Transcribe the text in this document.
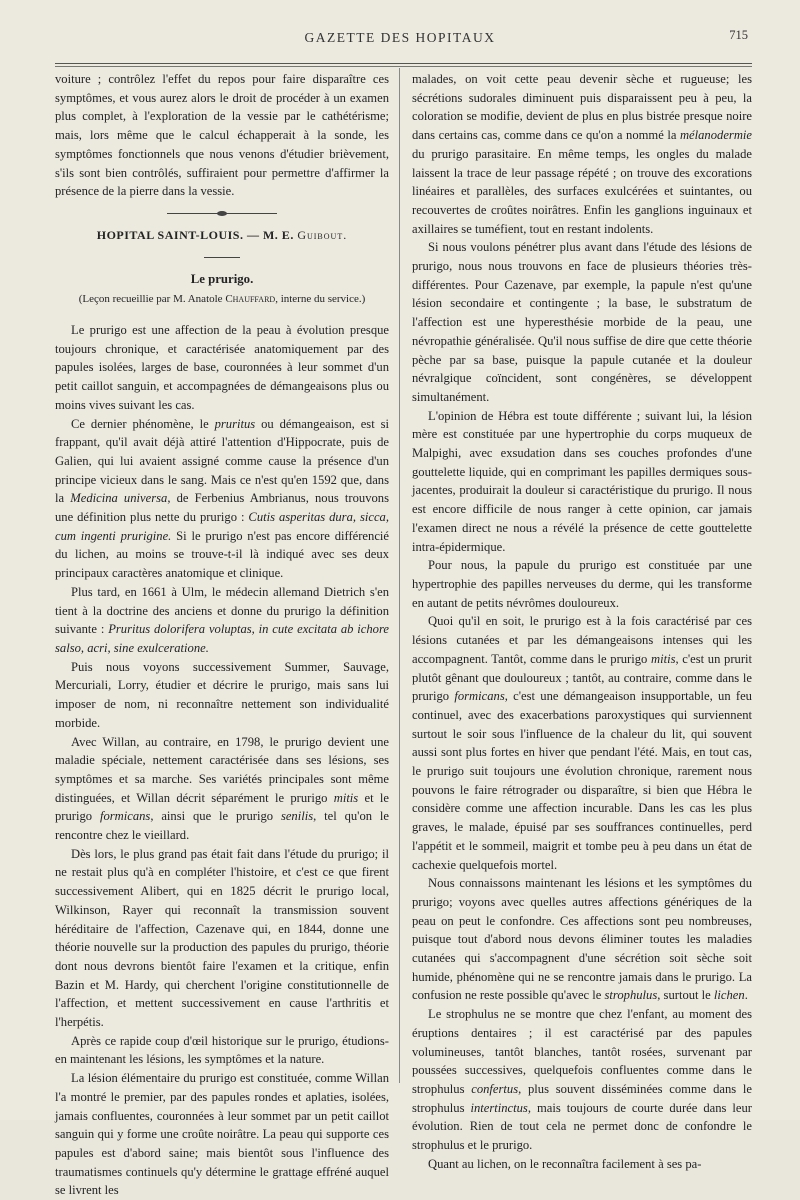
GAZETTE DES HOPITAUX	715

voiture ; contrôlez l'effet du repos pour faire disparaître ces symptômes, et vous aurez alors le droit de procéder à un examen plus complet, à l'exploration de la vessie par le cathétérisme; mais, lors même que le calcul échapperait à la sonde, les symptômes fonctionnels que nous venons d'étudier brièvement, s'ils sont bien contrôlés, suffiraient pour permettre d'affirmer la présence de la pierre dans la vessie.

HOPITAL SAINT-LOUIS. — M. E. Guibout.

Le prurigo.

(Leçon recueillie par M. Anatole Chauffard, interne du service.)

Le prurigo est une affection de la peau à évolution presque toujours chronique, et caractérisée anatomiquement par des papules isolées, larges de base, couronnées à leur sommet d'un petit caillot sanguin, et accompagnées de démangeaisons plus ou moins vives suivant les cas.

Ce dernier phénomène, le pruritus ou démangeaison, est si frappant, qu'il avait déjà attiré l'attention d'Hippocrate, puis de Galien, qui lui avaient assigné comme cause la présence d'un principe vicieux dans le sang. Mais ce n'est qu'en 1592 que, dans la Medicina universa, de Ferbenius Ambrianus, nous trouvons une définition plus nette du prurigo : Cutis asperitas dura, sicca, cum ingenti prurigine. Si le prurigo n'est pas encore différencié du lichen, au moins se trouve-t-il là indiqué avec ses deux principaux caractères anatomique et clinique.

Plus tard, en 1661 à Ulm, le médecin allemand Dietrich s'en tient à la doctrine des anciens et donne du prurigo la définition suivante : Pruritus dolorifera voluptas, in cute excitata ab ichore salso, acri, sine exulceratione.

Puis nous voyons successivement Summer, Sauvage, Mercuriali, Lorry, étudier et décrire le prurigo, mais sans lui imposer de nom, ni reconnaître nettement son individualité morbide.

Avec Willan, au contraire, en 1798, le prurigo devient une maladie spéciale, nettement caractérisée dans ses lésions, ses symptômes et sa marche. Ses variétés principales sont même distinguées, et Willan décrit séparément le prurigo mitis et le prurigo formicans, ainsi que le prurigo senilis, tel qu'on le rencontre chez le vieillard.

Dès lors, le plus grand pas était fait dans l'étude du prurigo; il ne restait plus qu'à en compléter l'histoire, et c'est ce que firent successivement Alibert, qui en 1825 décrit le prurigo local, Wilkinson, Rayer qui reconnaît la transmission souvent héréditaire de l'affection, Cazenave qui, en 1844, donne une théorie nouvelle sur la production des papules du prurigo, théorie dont nous devrons bientôt faire l'examen et la critique, enfin Bazin et M. Hardy, qui cherchent l'origine constitutionnelle de l'affection, et mettent successivement en cause l'arthritis et l'herpétis.

Après ce rapide coup d'œil historique sur le prurigo, étudions-en maintenant les lésions, les symptômes et la nature.

La lésion élémentaire du prurigo est constituée, comme Willan l'a montré le premier, par des papules rondes et aplaties, isolées, jamais confluentes, couronnées à leur sommet par un petit caillot sanguin qui y forme une croûte noirâtre. La peau qui supporte ces papules est d'abord saine; mais bientôt sous l'influence des traumatismes continuels qu'y détermine le grattage effréné auquel se livrent les

malades, on voit cette peau devenir sèche et rugueuse; les sécrétions sudorales diminuent puis disparaissent peu à peu, la coloration se modifie, devient de plus en plus bistrée presque noire dans certains cas, comme dans ce qu'on a nommé la mélanodermie du prurigo parasitaire. En même temps, les ongles du malade laissent la trace de leur passage répété ; on trouve des excorations linéaires et parallèles, des surfaces exulcérées et suintantes, ou recouvertes de croûtes noirâtres. Enfin les ganglions inguinaux et axillaires se tuméfient, tout en restant indolents.

Si nous voulons pénétrer plus avant dans l'étude des lésions de prurigo, nous nous trouvons en face de plusieurs théories très-différentes. Pour Cazenave, par exemple, la papule n'est qu'une lésion secondaire et contingente ; la base, le substratum de l'affection est une hyperesthésie morbide de la peau, une névropathie généralisée. Qu'il nous suffise de dire que cette théorie pèche par sa base, puisque la papule cutanée et la douleur névralgique coïncident, sont congénères, se développent simultanément.

L'opinion de Hébra est toute différente ; suivant lui, la lésion mère est constituée par une hypertrophie du corps muqueux de Malpighi, avec exsudation dans ses couches profondes d'une gouttelette liquide, qui en comprimant les papilles dermiques sous-jacentes, produirait la douleur si caractéristique du prurigo. Il nous est encore difficile de nous ranger à cette opinion, car jamais l'examen direct ne nous a révélé la présence de cette gouttelette intra-épidermique.

Pour nous, la papule du prurigo est constituée par une hypertrophie des papilles nerveuses du derme, qui les transforme en autant de petits névrômes douloureux.

Quoi qu'il en soit, le prurigo est à la fois caractérisé par ces lésions cutanées et par les démangeaisons intenses qui les accompagnent. Tantôt, comme dans le prurigo mitis, c'est un prurit plutôt gênant que douloureux ; tantôt, au contraire, comme dans le prurigo formicans, c'est une démangeaison insupportable, un feu continuel, avec des exacerbations paroxystiques qui surviennent surtout le soir sous l'influence de la chaleur du lit, qui souvent aussi sont plus fortes en hiver que pendant l'été. Mais, en tout cas, le prurigo suit toujours une évolution chronique, rarement nous pouvons le faire rétrograder ou disparaître, si bien que Hébra le considère comme une affection incurable. Dans les cas les plus graves, le malade, épuisé par ses souffrances continuelles, perd l'appétit et le sommeil, maigrit et tombe peu à peu dans un état de cachexie quelquefois mortel.

Nous connaissons maintenant les lésions et les symptômes du prurigo; voyons avec quelles autres affections génériques de la peau on peut le confondre. Ces affections sont peu nombreuses, puisque tout d'abord nous devons éliminer toutes les maladies cutanées qui s'accompagnent d'une sécrétion soit sèche soit humide, phénomène qui ne se rencontre jamais dans le prurigo. La confusion ne reste possible qu'avec le strophulus, surtout le lichen.

Le strophulus ne se montre que chez l'enfant, au moment des éruptions dentaires ; il est caractérisé par des papules volumineuses, tantôt blanches, tantôt rosées, survenant par poussées successives, quelquefois confluentes comme dans le strophulus confertus, plus souvent disséminées comme dans le strophulus intertinctus, mais toujours de courte durée dans leur évolution. Rien de tout cela ne permet donc de confondre le strophulus et le prurigo.

Quant au lichen, on le reconnaîtra facilement à ses pa-
